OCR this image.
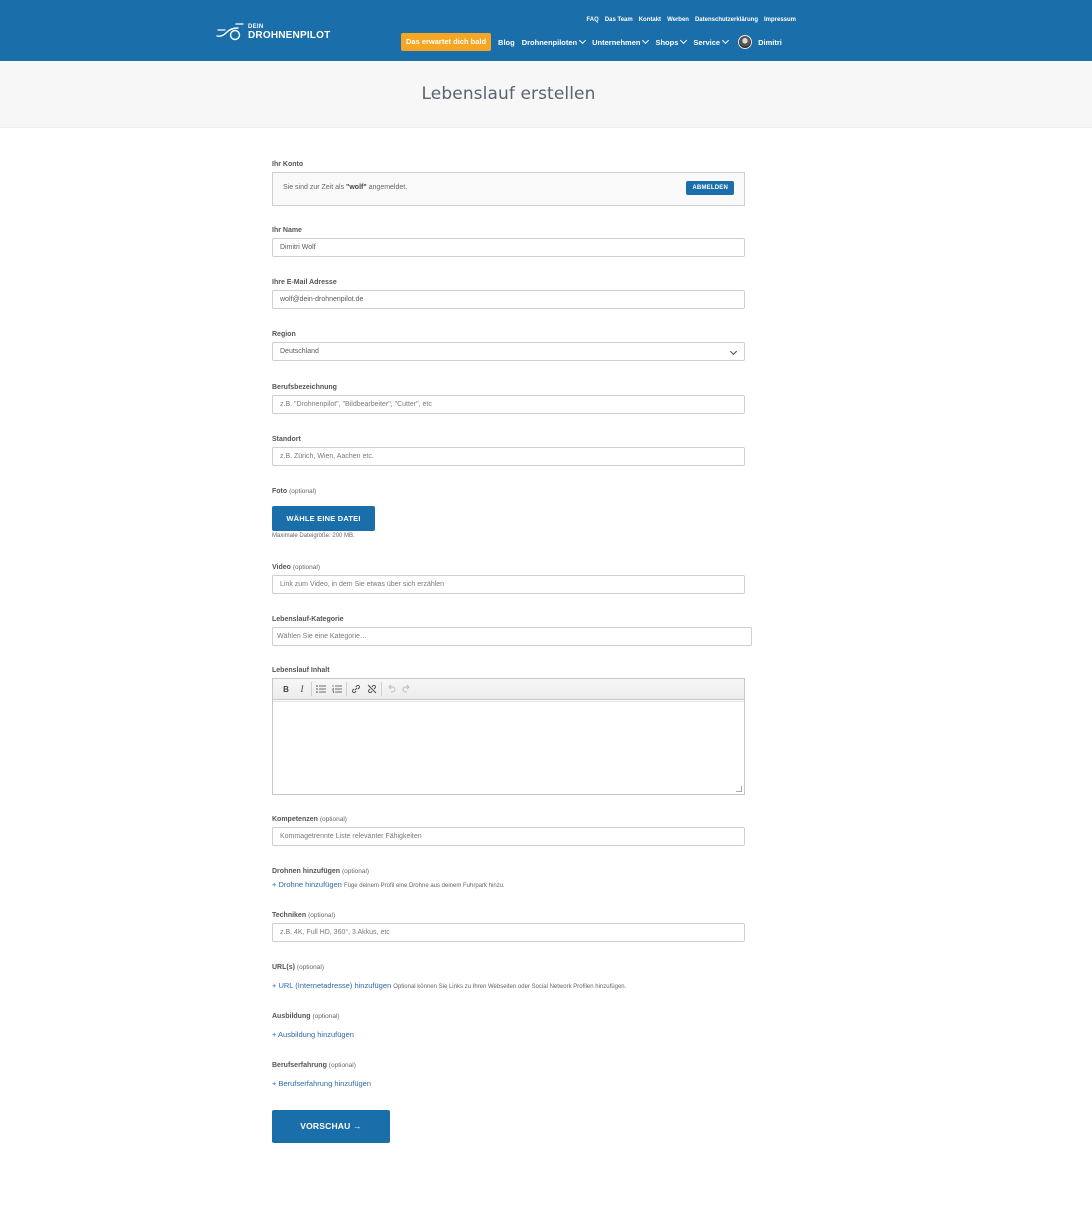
DEIN
DROHNENPILOT
FAQ Das Team Kontakt Werben Datenschutzerklärung Impressum
Das erwartet dich bald	Blog Drohnenpiloten Unternehmen Shops Service	Dimitri
Lebenslauf erstellen
Ihr Konto
Sie sind zur Zeit als "wolf" angemeldet.	ABMELDEN
Ihr Name
Dimitri Wolf
Ihre E-Mail Adresse
wolf@dein-drohnenpilot.de
Region
Deutschland
Berufsbezeichnung
z.B. "Drohnenpilot", "Bildbearbeiter", "Cutter", etc
Standort
z.B. Zürich, Wien, Aachen etc.
Foto (optional)
WÄHLE EINE DATEI
Maximale Dateigröße: 200 MB.
Video (optional)
Link zum Video, in dem Sie etwas über sich erzählen
Lebenslauf-Kategorie
Wählen Sie eine Kategorie…
Lebenslauf Inhalt
B	I
Kompetenzen (optional)
Kommagetrennte Liste relevanter Fähigkeiten
Drohnen hinzufügen (optional)
+ Drohne hinzufügen Füge deinem Profil eine Drohne aus deinem Fuhrpark hinzu.
Techniken (optional)
z.B. 4K, Full HD, 360°, 3 Akkus, etc
URL(s) (optional)
+ URL (Internetadresse) hinzufügen Optional können Sie Links zu Ihren Webseiten oder Social Network Profilen hinzufügen.
Ausbildung (optional)
+ Ausbildung hinzufügen
Berufserfahrung (optional)
+ Berufserfahrung hinzufügen
VORSCHAU →
